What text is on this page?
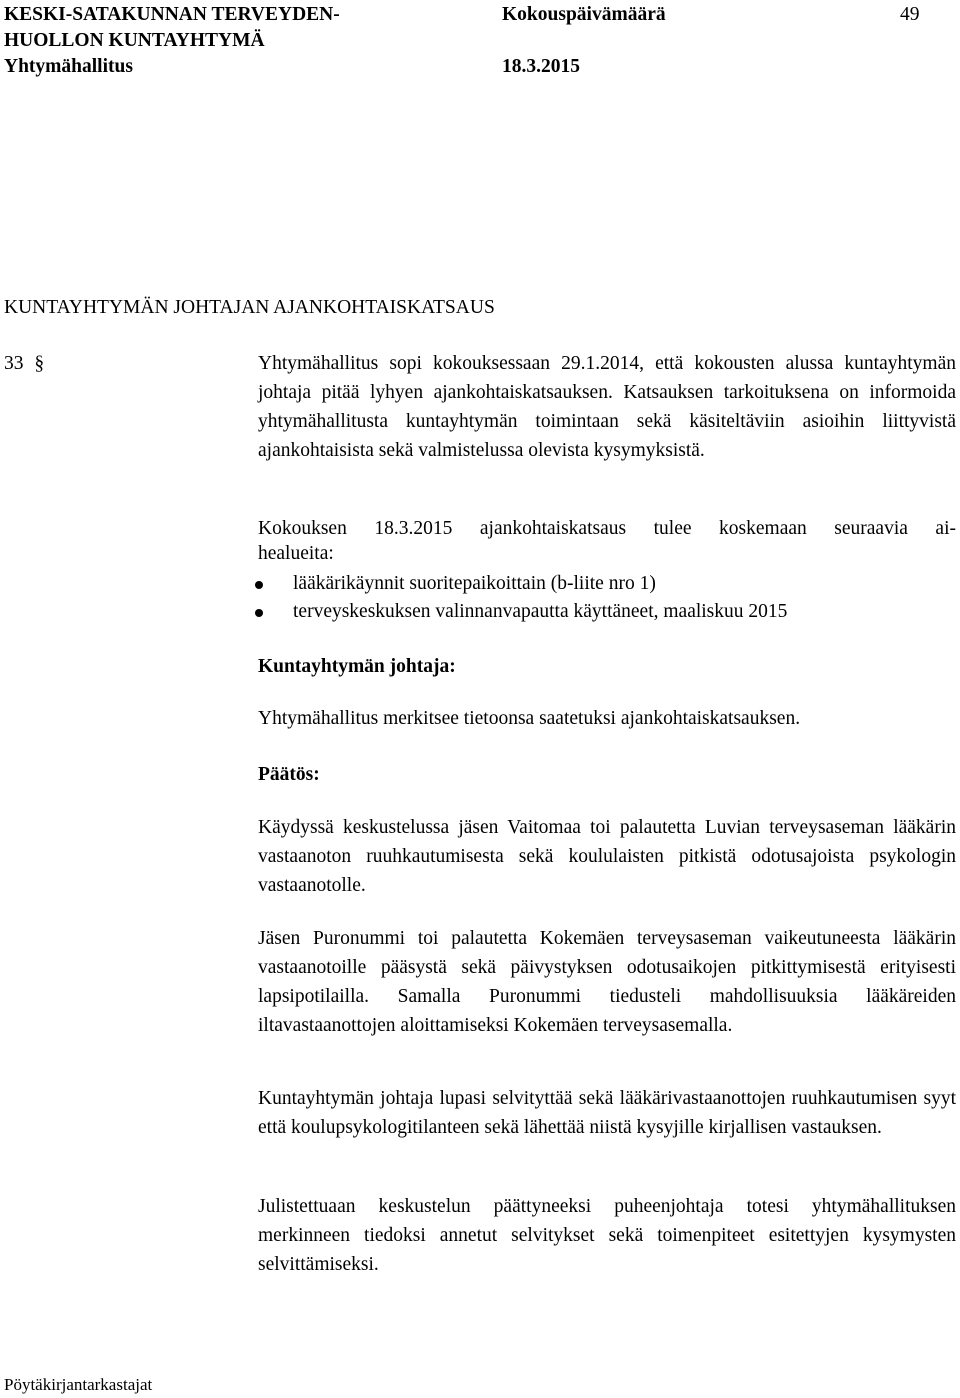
KESKI-SATAKUNNAN TERVEYDEN-
HUOLLON KUNTAYHTYMÄ
Yhtymähallitus
Kokouspäivämäärä
18.3.2015
49
KUNTAYHTYMÄN JOHTAJAN AJANKOHTAISKATSAUS
33 §	Yhtymähallitus sopi kokouksessaan 29.1.2014, että kokousten alussa kuntayhtymän johtaja pitää lyhyen ajankohtaiskatsauksen. Katsauksen tarkoituksena on informoida yhtymähallitusta kuntayhtymän toimintaan sekä käsiteltäviin asioihin liittyvistä ajankohtaisista sekä valmistelussa olevista kysymyksistä.
Kokouksen 18.3.2015 ajankohtaiskatsaus tulee koskemaan seuraavia ai-
healueita:
lääkärikäynnit suoritepaikoittain (b-liite nro 1)
terveyskeskuksen valinnanvapautta käyttäneet, maaliskuu 2015
Kuntayhtymän johtaja:
Yhtymähallitus merkitsee tietoonsa saatetuksi ajankohtaiskatsauksen.
Päätös:
Käydyssä keskustelussa jäsen Vaitomaa toi palautetta Luvian terveysaseman lääkärin vastaanoton ruuhkautumisesta sekä koululaisten pitkistä odotusajoista psykologin vastaanotolle.
Jäsen Puronummi toi palautetta Kokemäen terveysaseman vaikeutuneesta lääkärin vastaanotoille pääsystä sekä päivystyksen odotusaikojen pitkittymisestä erityisesti lapsipotilailla. Samalla Puronummi tiedusteli mahdollisuuksia lääkäreiden iltavastaanottojen aloittamiseksi Kokemäen terveysasemalla.
Kuntayhtymän johtaja lupasi selvityttää sekä lääkärivastaanottojen ruuhkautumisen syyt että koulupsykologitilanteen sekä lähettää niistä kysyjille kirjallisen vastauksen.
Julistettuaan keskustelun päättyneeksi puheenjohtaja totesi yhtymähallituksen merkinneen tiedoksi annetut selvitykset sekä toimenpiteet esitettyjen kysymysten selvittämiseksi.
Pöytäkirjantarkastajat
